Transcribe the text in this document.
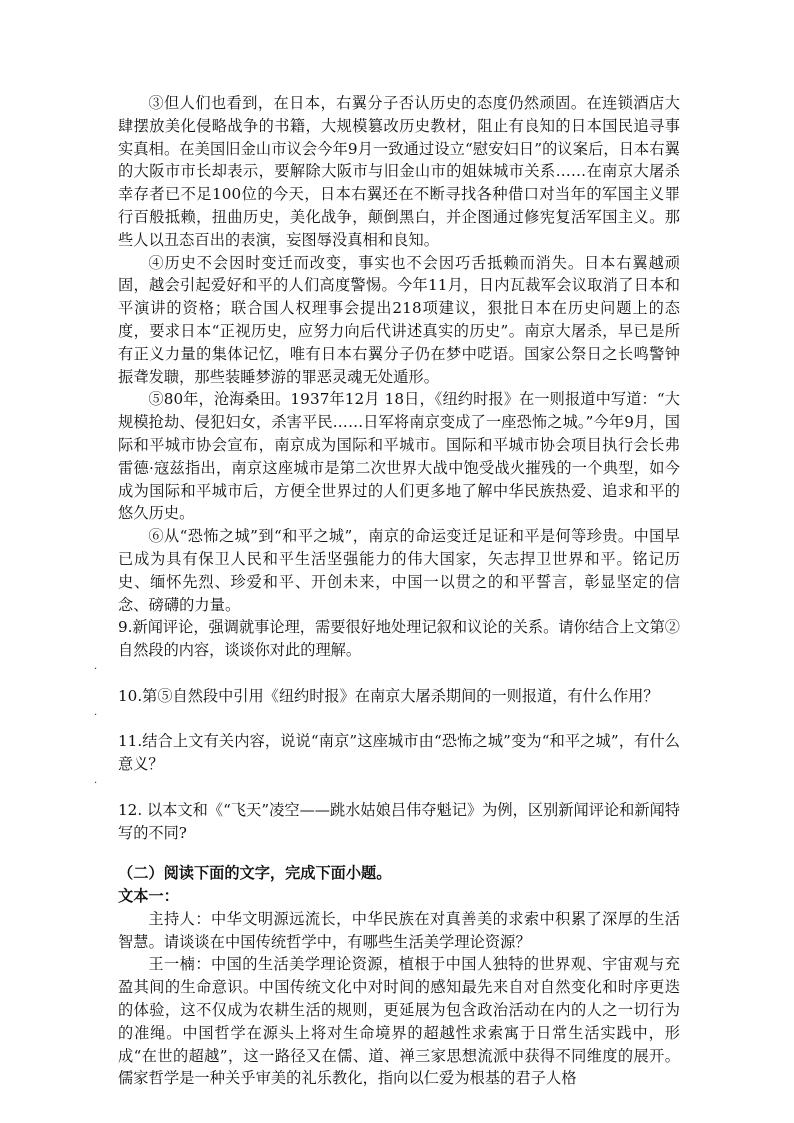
③但人们也看到，在日本，右翼分子否认历史的态度仍然顽固。在连锁酒店大肆摆放美化侵略战争的书籍，大规模篡改历史教材，阻止有良知的日本国民追寻事实真相。在美国旧金山市议会今年9月一致通过设立“慰安妇日”的议案后，日本右翼的大阪市市长却表示，要解除大阪市与旧金山市的姐妹城市关系……在南京大屠杀幸存者已不足100位的今天，日本右翼还在不断寻找各种借口对当年的军国主义罪行百般抵赖，扭曲历史，美化战争，颠倒黑白，并企图通过修宪复活军国主义。那些人以丑态百出的表演，妄图辱没真相和良知。

④历史不会因时变迁而改变，事实也不会因巧舌抵赖而消失。日本右翼越顽固，越会引起爱好和平的人们高度警惕。今年11月，日内瓦裁军会议取消了日本和平演讲的资格；联合国人权理事会提出218项建议，狠批日本在历史问题上的态度，要求日本“正视历史，应努力向后代讲述真实的历史”。南京大屠杀，早已是所有正义力量的集体记忆，唯有日本右翼分子仍在梦中呓语。国家公祭日之长鸣警钟振聋发聩，那些装睡梦游的罪恶灵魂无处遁形。

⑤80年，沧海桑田。1937年12月 18日，《纽约时报》在一则报道中写道：“大规模抢劫、侵犯妇女，杀害平民……日军将南京变成了一座恐怖之城。”今年9月，国际和平城市协会宣布，南京成为国际和平城市。国际和平城市协会项目执行会长弗雷德·寇兹指出，南京这座城市是第二次世界大战中饱受战火摧残的一个典型，如今成为国际和平城市后，方便全世界过的人们更多地了解中华民族热爱、追求和平的悠久历史。

⑥从“恐怖之城”到“和平之城”，南京的命运变迁足证和平是何等珍贵。中国早已成为具有保卫人民和平生活坚强能力的伟大国家，矢志捍卫世界和平。铭记历史、缅怀先烈、珍爱和平、开创未来，中国一以贯之的和平誓言，彰显坚定的信念、磅礴的力量。

9.新闻评论，强调就事论理，需要很好地处理记叙和议论的关系。请你结合上文第②自然段的内容，谈谈你对此的理解。

.

10.第⑤自然段中引用《纽约时报》在南京大屠杀期间的一则报道，有什么作用？

.

11.结合上文有关内容，说说“南京”这座城市由“恐怖之城”变为“和平之城”，有什么意义？

.

12. 以本文和《“飞天”凌空——跳水姑娘吕伟夺魁记》为例，区别新闻评论和新闻特写的不同?

（二）阅读下面的文字，完成下面小题。

文本一：

主持人：中华文明源远流长，中华民族在对真善美的求索中积累了深厚的生活智慧。请谈谈在中国传统哲学中，有哪些生活美学理论资源？

王一楠：中国的生活美学理论资源，植根于中国人独特的世界观、宇宙观与充盈其间的生命意识。中国传统文化中对时间的感知最先来自对自然变化和时序更迭的体验，这不仅成为农耕生活的规则，更延展为包含政治活动在内的人之一切行为的准绳。中国哲学在源头上将对生命境界的超越性求索寓于日常生活实践中，形成“在世的超越”，这一路径又在儒、道、禅三家思想流派中获得不同维度的展开。儒家哲学是一种关乎审美的礼乐教化，指向以仁爱为根基的君子人格
